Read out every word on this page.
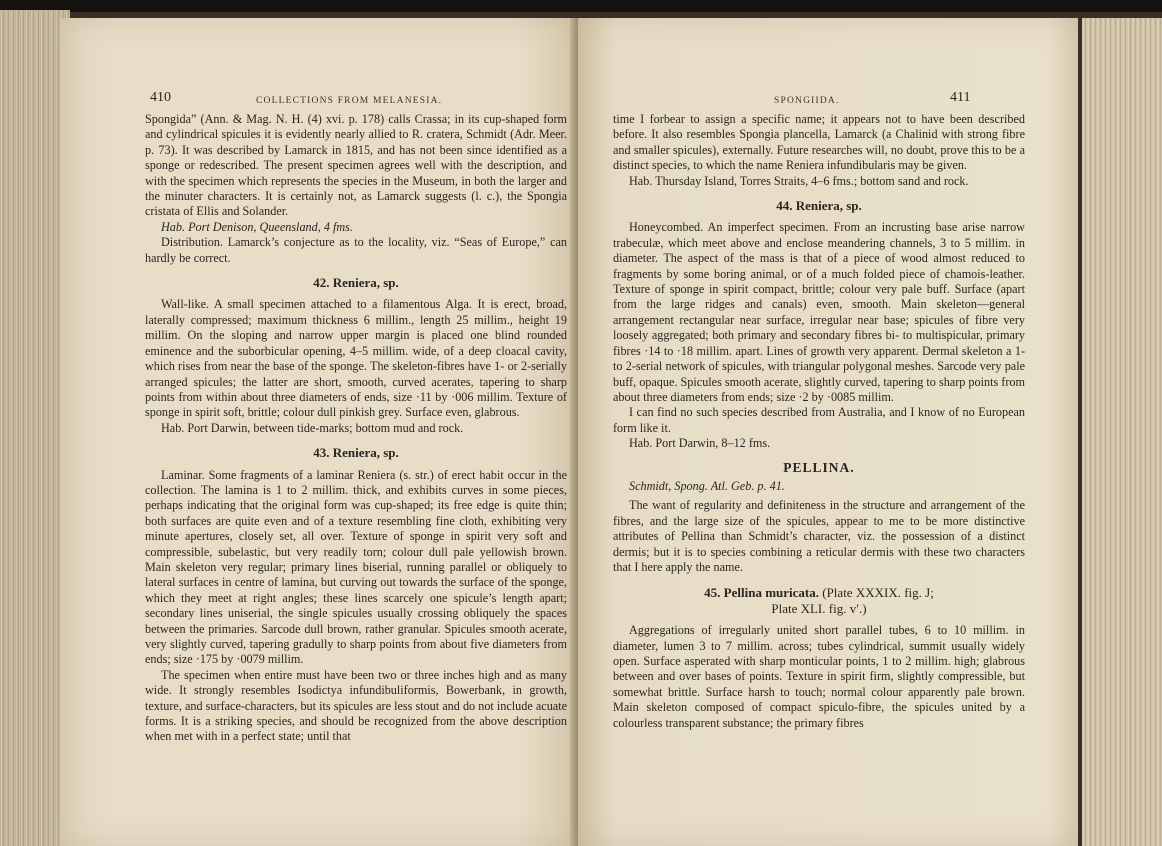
410	COLLECTIONS FROM MELANESIA.

Spongida” (Ann. & Mag. N. H. (4) xvi. p. 178) calls Crassa; in its cup-shaped form and cylindrical spicules it is evidently nearly allied to R. cratera, Schmidt (Adr. Meer. p. 73). It was described by Lamarck in 1815, and has not been since identified as a sponge or redescribed. The present specimen agrees well with the description, and with the specimen which represents the species in the Museum, in both the larger and the minuter characters. It is certainly not, as Lamarck suggests (l. c.), the Spongia cristata of Ellis and Solander.

Hab. Port Denison, Queensland, 4 fms.

Distribution. Lamarck’s conjecture as to the locality, viz. “Seas of Europe,” can hardly be correct.

42. Reniera, sp.

Wall-like. A small specimen attached to a filamentous Alga. It is erect, broad, laterally compressed; maximum thickness 6 millim., length 25 millim., height 19 millim. On the sloping and narrow upper margin is placed one blind rounded eminence and the suborbicular opening, 4–5 millim. wide, of a deep cloacal cavity, which rises from near the base of the sponge. The skeleton-fibres have 1- or 2-serially arranged spicules; the latter are short, smooth, curved acerates, tapering to sharp points from within about three diameters of ends, size ·11 by ·006 millim. Texture of sponge in spirit soft, brittle; colour dull pinkish grey. Surface even, glabrous.

Hab. Port Darwin, between tide-marks; bottom mud and rock.

43. Reniera, sp.

Laminar. Some fragments of a laminar Reniera (s. str.) of erect habit occur in the collection. The lamina is 1 to 2 millim. thick, and exhibits curves in some pieces, perhaps indicating that the original form was cup-shaped; its free edge is quite thin; both surfaces are quite even and of a texture resembling fine cloth, exhibiting very minute apertures, closely set, all over. Texture of sponge in spirit very soft and compressible, subelastic, but very readily torn; colour dull pale yellowish brown. Main skeleton very regular; primary lines biserial, running parallel or obliquely to lateral surfaces in centre of lamina, but curving out towards the surface of the sponge, which they meet at right angles; these lines scarcely one spicule’s length apart; secondary lines uniserial, the single spicules usually crossing obliquely the spaces between the primaries. Sarcode dull brown, rather granular. Spicules smooth acerate, very slightly curved, tapering gradully to sharp points from about five diameters from ends; size ·175 by ·0079 millim.

The specimen when entire must have been two or three inches high and as many wide. It strongly resembles Isodictya infundibuliformis, Bowerbank, in growth, texture, and surface-characters, but its spicules are less stout and do not include acuate forms. It is a striking species, and should be recognized from the above description when met with in a perfect state; until that

SPONGIIDA.	411

time I forbear to assign a specific name; it appears not to have been described before. It also resembles Spongia plancella, Lamarck (a Chalinid with strong fibre and smaller spicules), externally. Future researches will, no doubt, prove this to be a distinct species, to which the name Reniera infundibularis may be given.

Hab. Thursday Island, Torres Straits, 4–6 fms.; bottom sand and rock.

44. Reniera, sp.

Honeycombed. An imperfect specimen. From an incrusting base arise narrow trabeculæ, which meet above and enclose meandering channels, 3 to 5 millim. in diameter. The aspect of the mass is that of a piece of wood almost reduced to fragments by some boring animal, or of a much folded piece of chamois-leather. Texture of sponge in spirit compact, brittle; colour very pale buff. Surface (apart from the large ridges and canals) even, smooth. Main skeleton—general arrangement rectangular near surface, irregular near base; spicules of fibre very loosely aggregated; both primary and secondary fibres bi- to multispicular, primary fibres ·14 to ·18 millim. apart. Lines of growth very apparent. Dermal skeleton a 1- to 2-serial network of spicules, with triangular polygonal meshes. Sarcode very pale buff, opaque. Spicules smooth acerate, slightly curved, tapering to sharp points from about three diameters from ends; size ·2 by ·0085 millim.

I can find no such species described from Australia, and I know of no European form like it.

Hab. Port Darwin, 8–12 fms.

PELLINA.

Schmidt, Spong. Atl. Geb. p. 41.

The want of regularity and definiteness in the structure and arrangement of the fibres, and the large size of the spicules, appear to me to be more distinctive attributes of Pellina than Schmidt’s character, viz. the possession of a distinct dermis; but it is to species combining a reticular dermis with these two characters that I here apply the name.

45. Pellina muricata. (Plate XXXIX. fig. J;
Plate XLI. fig. v′.)

Aggregations of irregularly united short parallel tubes, 6 to 10 millim. in diameter, lumen 3 to 7 millim. across; tubes cylindrical, summit usually widely open. Surface asperated with sharp monticular points, 1 to 2 millim. high; glabrous between and over bases of points. Texture in spirit firm, slightly compressible, but somewhat brittle. Surface harsh to touch; normal colour apparently pale brown. Main skeleton composed of compact spiculo-fibre, the spicules united by a colourless transparent substance; the primary fibres
